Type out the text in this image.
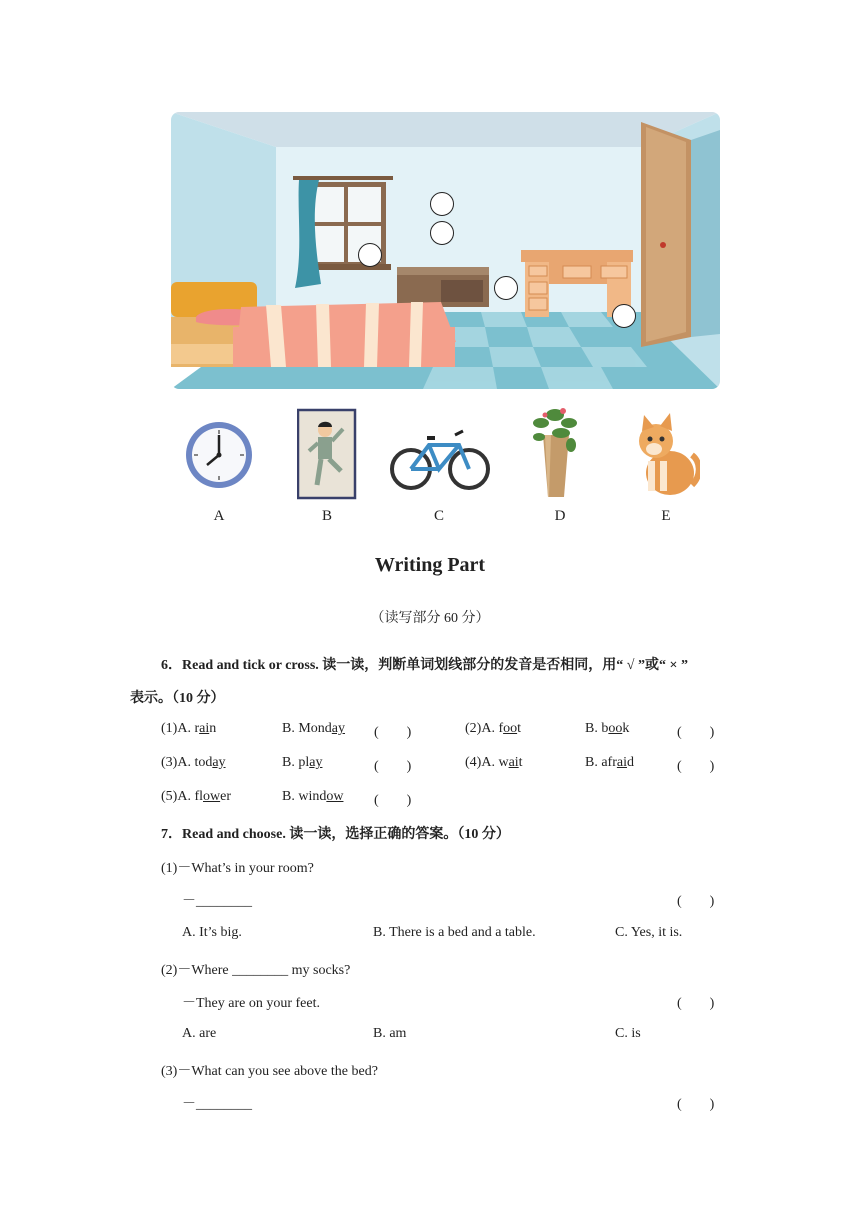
A	B	C	D	E
Writing Part
（读写部分 60 分）
6．Read and tick or cross. 读一读，判断单词划线部分的发音是否相同，用“ √ ”或“ × ”
表示。（10 分）
(1)A. rain	B. Monday (　　)	(2)A. foot	B. book	(　　)
(3)A. today	B. play	(　　)	(4)A. wait	B. afraid	(　　)
(5)A. flower	B. window (　　)
7．Read and choose. 读一读，选择正确的答案。（10 分）
(1)－What’s in your room?
－________	(　　)
A. It’s big.	B. There is a bed and a table.	C. Yes, it is.
(2)－Where ________ my socks?
－They are on your feet.	(　　)
A. are	B. am	C. is
(3)－What can you see above the bed?
－________	(　　)
